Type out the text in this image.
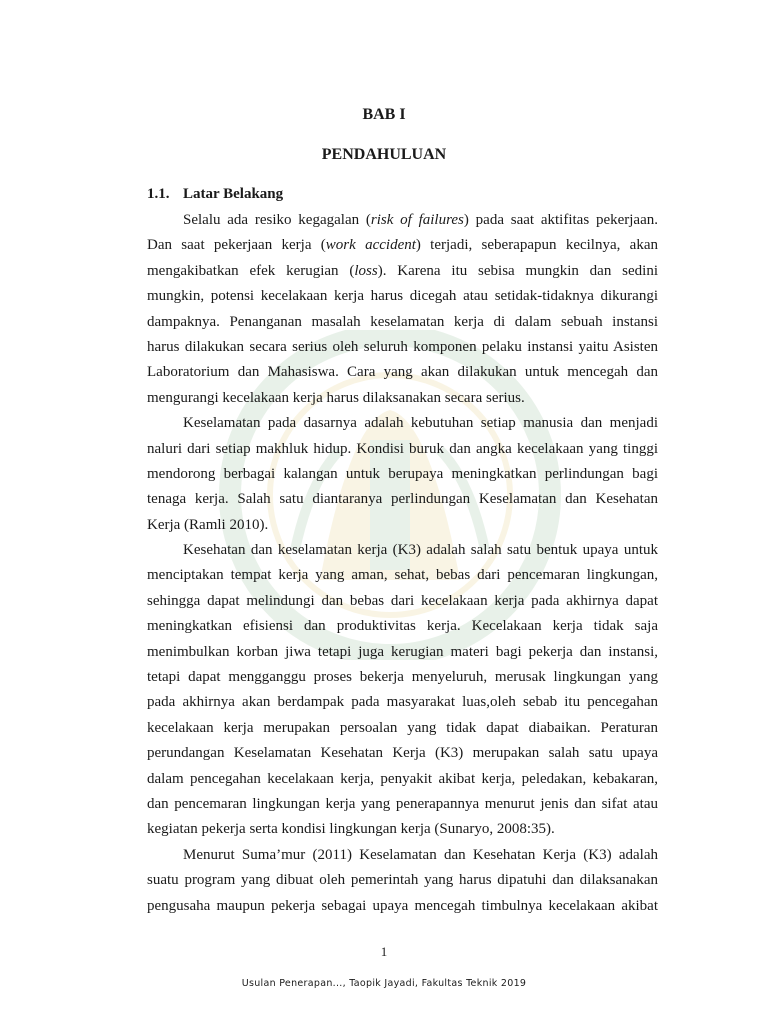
BAB I
PENDAHULUAN
1.1. Latar Belakang
Selalu ada resiko kegagalan (risk of failures) pada saat aktifitas pekerjaan.
Dan saat pekerjaan kerja (work accident) terjadi, seberapapun kecilnya, akan
mengakibatkan efek kerugian (loss). Karena itu sebisa mungkin dan sedini
mungkin, potensi kecelakaan kerja harus dicegah atau setidak-tidaknya dikurangi
dampaknya. Penanganan masalah keselamatan kerja di dalam sebuah instansi
harus dilakukan secara serius oleh seluruh komponen pelaku instansi yaitu Asisten
Laboratorium dan Mahasiswa. Cara yang akan dilakukan untuk mencegah dan
mengurangi kecelakaan kerja harus dilaksanakan secara serius.
Keselamatan pada dasarnya adalah kebutuhan setiap manusia dan menjadi
naluri dari setiap makhluk hidup. Kondisi buruk dan angka kecelakaan yang tinggi
mendorong berbagai kalangan untuk berupaya meningkatkan perlindungan bagi
tenaga kerja. Salah satu diantaranya perlindungan Keselamatan dan Kesehatan
Kerja (Ramli 2010).
Kesehatan dan keselamatan kerja (K3) adalah salah satu bentuk upaya untuk
menciptakan tempat kerja yang aman, sehat, bebas dari pencemaran lingkungan,
sehingga dapat melindungi dan bebas dari kecelakaan kerja pada akhirnya dapat
meningkatkan efisiensi dan produktivitas kerja. Kecelakaan kerja tidak saja
menimbulkan korban jiwa tetapi juga kerugian materi bagi pekerja dan instansi,
tetapi dapat mengganggu proses bekerja menyeluruh, merusak lingkungan yang
pada akhirnya akan berdampak pada masyarakat luas,oleh sebab itu pencegahan
kecelakaan kerja merupakan persoalan yang tidak dapat diabaikan. Peraturan
perundangan Keselamatan Kesehatan Kerja (K3) merupakan salah satu upaya
dalam pencegahan kecelakaan kerja, penyakit akibat kerja, peledakan, kebakaran,
dan pencemaran lingkungan kerja yang penerapannya menurut jenis dan sifat atau
kegiatan pekerja serta kondisi lingkungan kerja (Sunaryo, 2008:35).
Menurut Suma’mur (2011) Keselamatan dan Kesehatan Kerja (K3) adalah
suatu program yang dibuat oleh pemerintah yang harus dipatuhi dan dilaksanakan
pengusaha maupun pekerja sebagai upaya mencegah timbulnya kecelakaan akibat
1
Usulan Penerapan..., Taopik Jayadi, Fakultas Teknik 2019
